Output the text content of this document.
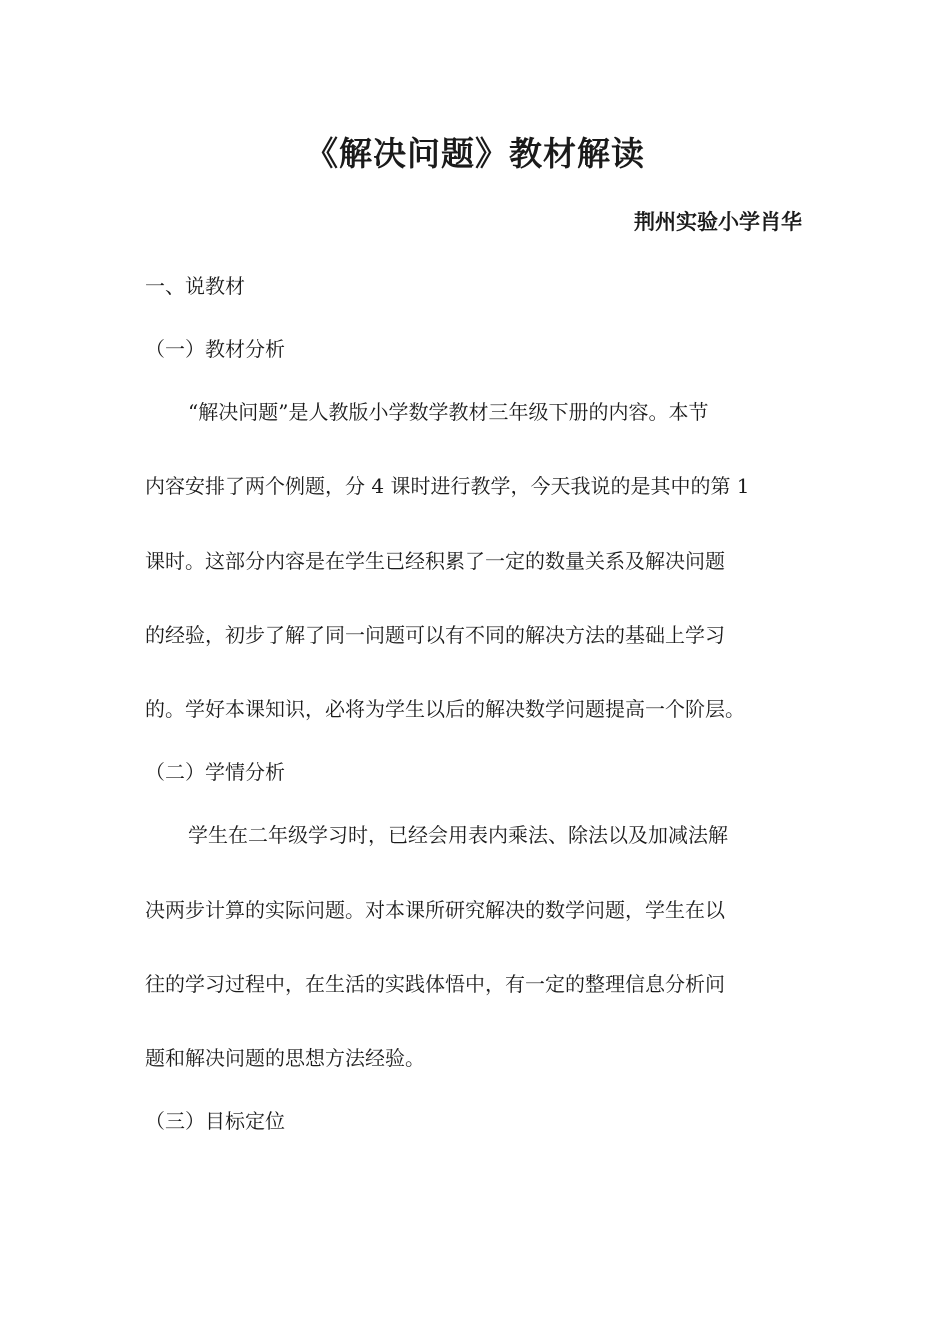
《解决问题》教材解读

荆州实验小学肖华

一、说教材

（一）教材分析

“解决问题”是人教版小学数学教材三年级下册的内容。本节

内容安排了两个例题，分 4 课时进行教学，今天我说的是其中的第 1

课时。这部分内容是在学生已经积累了一定的数量关系及解决问题

的经验，初步了解了同一问题可以有不同的解决方法的基础上学习

的。学好本课知识，必将为学生以后的解决数学问题提高一个阶层。

（二）学情分析

学生在二年级学习时，已经会用表内乘法、除法以及加减法解

决两步计算的实际问题。对本课所研究解决的数学问题，学生在以

往的学习过程中，在生活的实践体悟中，有一定的整理信息分析问

题和解决问题的思想方法经验。

（三）目标定位
